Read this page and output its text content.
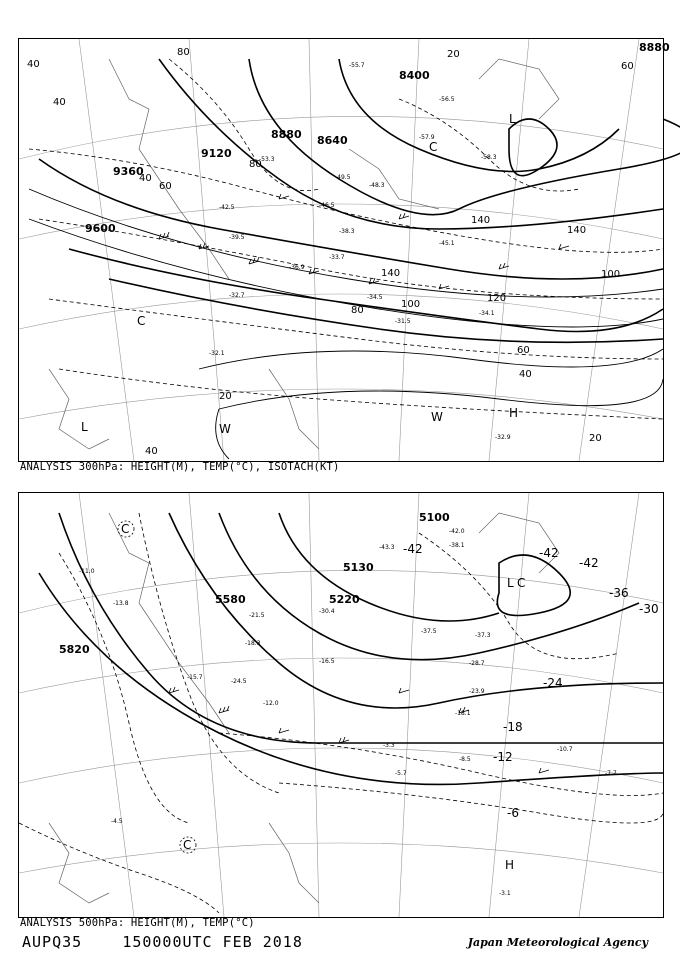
8880
8400
8640
8880
9120
9360
9600
40
20
80
60
40
40
60
80
100
120
140
140
100
60
40
20
20
40
80
140
-56.5
-55.7
-57.9
-58.3
-53.3
-49.5
-48.3
-46.5
-45.1
-42.5
-39.5
-38.3
-36.9
-34.5
-33.7
-32.7
-31.5
-34.1
-32.1
-32.9
L
L
H
W
C
C
W
ANALYSIS 300hPa: HEIGHT(M), TEMP(°C), ISOTACH(KT)
5100
5220
5130
5580
5820
-42
-42
-36
-30
-24
-18
-12
-6
-42
-43.3
-42.0
-38.1
-37.5
-37.3
-30.4
-28.7
-23.9
-21.5
-18.1
-16.5
-15.7
-12.0
-10.7
-8.5
-7.7
-5.7
-3.3
-4.5
-3.1
-11.0
-13.8
-18.3
-24.5
L C
C
C
H
ANALYSIS 500hPa: HEIGHT(M), TEMP(°C)
AUPQ35	150000UTC FEB 2018	Japan Meteorological Agency
